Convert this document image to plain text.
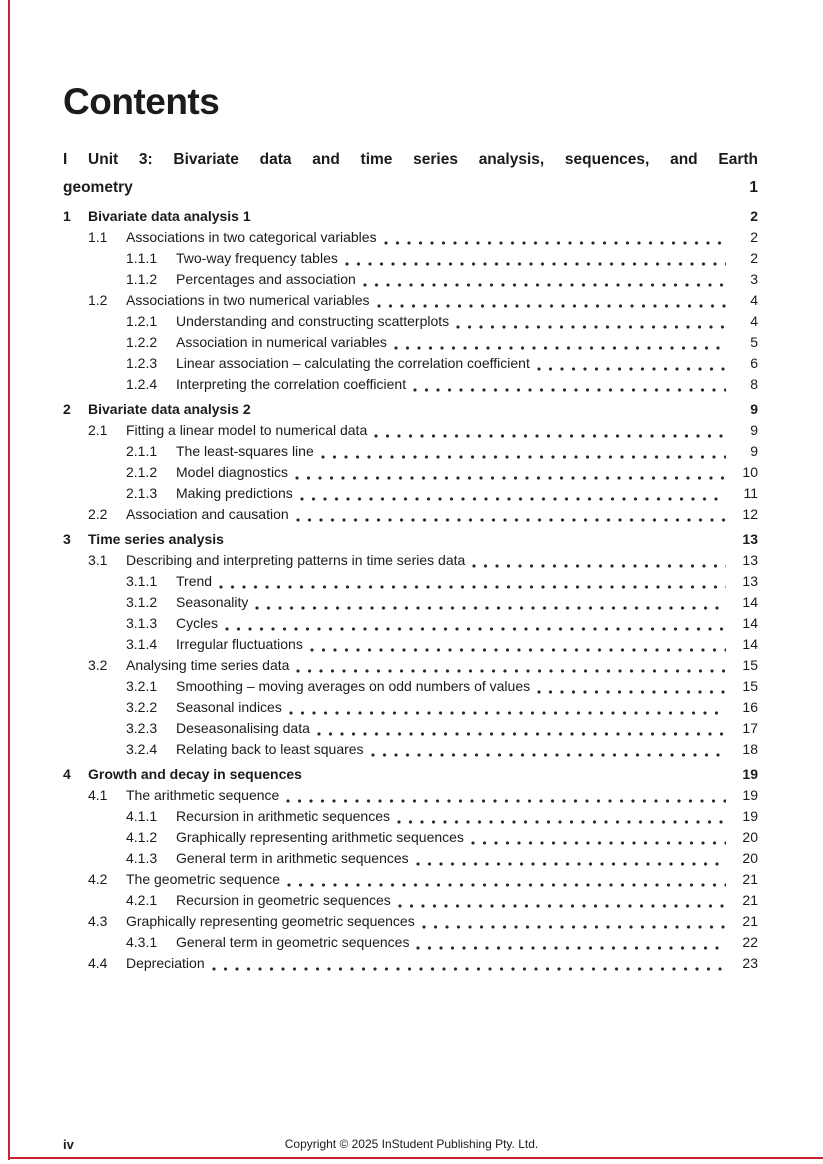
Contents
I Unit 3: Bivariate data and time series analysis, sequences, and Earth
geometry	1
1	Bivariate data analysis 1	2
1.1	Associations in two categorical variables	2
1.1.1	Two-way frequency tables	2
1.1.2	Percentages and association	3
1.2	Associations in two numerical variables	4
1.2.1	Understanding and constructing scatterplots	4
1.2.2	Association in numerical variables	5
1.2.3	Linear association – calculating the correlation coefficient	6
1.2.4	Interpreting the correlation coefficient	8
2	Bivariate data analysis 2	9
2.1	Fitting a linear model to numerical data	9
2.1.1	The least-squares line	9
2.1.2	Model diagnostics	10
2.1.3	Making predictions	11
2.2	Association and causation	12
3	Time series analysis	13
3.1	Describing and interpreting patterns in time series data	13
3.1.1	Trend	13
3.1.2	Seasonality	14
3.1.3	Cycles	14
3.1.4	Irregular fluctuations	14
3.2	Analysing time series data	15
3.2.1	Smoothing – moving averages on odd numbers of values	15
3.2.2	Seasonal indices	16
3.2.3	Deseasonalising data	17
3.2.4	Relating back to least squares	18
4	Growth and decay in sequences	19
4.1	The arithmetic sequence	19
4.1.1	Recursion in arithmetic sequences	19
4.1.2	Graphically representing arithmetic sequences	20
4.1.3	General term in arithmetic sequences	20
4.2	The geometric sequence	21
4.2.1	Recursion in geometric sequences	21
4.3	Graphically representing geometric sequences	21
4.3.1	General term in geometric sequences	22
4.4	Depreciation	23
iv	Copyright © 2025 InStudent Publishing Pty. Ltd.
